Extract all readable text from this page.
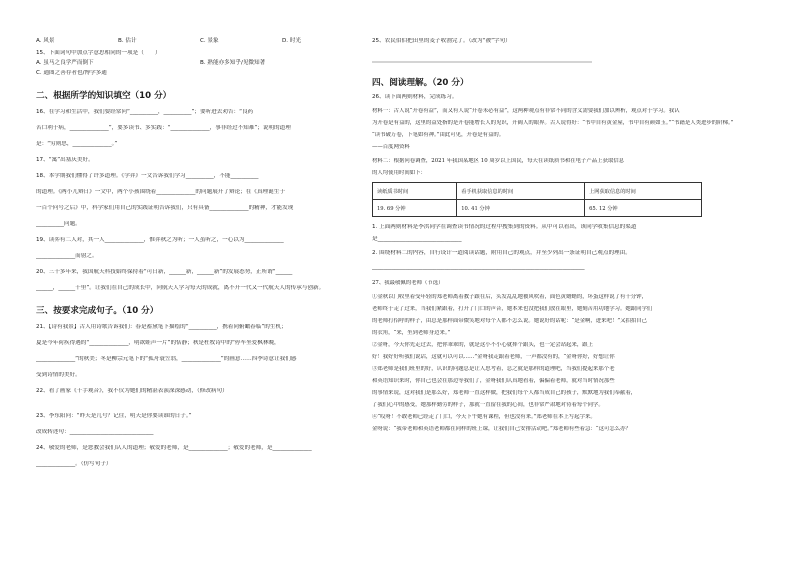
A. 风景	B. 估计	C. 景象	D. 时光
15、下面词句中加点字意思相同的一项是（　　）
A. 虽马之良学严而倒下	B. 熟能亦多知乎/见微知著
C. 通图之善存者也/博学多通
二、根据所学的知识填空（10 分）
16、在学习和生活中，我们要经常问“__________，__________”；要听进去劝告：“良药
苦口利于病，______________”，要多读书、多实践：“______________，事非经过不知难”；说明的道理
是：“穷则思，______________。”
17、“寓”出塞庆美好。
18、本学期我们懂得了许多道理。《学弈》一文告诉我们学习__________，不能__________
的道理。《两小儿辩日》一文中，两个小孩围绕着______________的问题展开了辩论；在《真理诞生于
一百个问号之后》中，科学家们用自己的实践证明告诉我们，只有具备______________的精神，才能发现
__________问题。
19、读弈有二人对，其一人______________，惟弈秋之为听；一人虽听之，一心以为______________
______________而射之。
20、三十多年来，我国航天科技始终保持着“可日新，______新，______新”的发展态势，正所谓“______
______，______千里”。让我们在自己的成长中，向航天人学习每天的成就，离不开一代又一代航天人的传承与创新。
三、按要求完成句子。（10 分）
21、【诗有我景】古人用诗歌告诉我们：春是蓄黛笔下描绘的“__________，携着同俯瞰春临”的生机；
夏是今年荷疾得遇的“______________，明欲蛙声一片”的恬静；秋是杜牧诗中的“停车坐爱枫林晚，
______________”的秋美；冬是柳宗元笔下的“孤舟蓑笠翁，______________”的画意……四季诗意让我们感
受到诗情的美好。
22、看了画家《千手观音》，我不仅为她们的精湛表演深深感动，（修改病句）
23、李东阳问：“昨天是几号？记住，明天是你要读谁的日子。”
改成转述句：______________________________
24、敬爱的老师，是您教会我们认人的道理；敬爱的老师，是______________；敬爱的老师，是______________
______________。（仿写句子）
25、农民伯伯把田里的麦子收割完了。（改为“被”字句）
四、阅读理解。（20 分）
26、读下面两则材料，完成练习。
材料一：古人说“开卷有益”，而又有人说“开卷未必有益”，这两种观点有非常不同的含义需要我们加以辨析，观点对于学习。我认
为开卷是有益的，这里的益处指的是开卷能增长人的见识，开阔人的眼界。古人说得好：“书中自有黄金屋，书中自有颜如玉。”“书籍是人类进步的阶梯。”
“读书破万卷，下笔如有神。”由此可见，开卷是有益的。
——百度网资料
材料二：根据问卷调查，2021 年我国某地区 10 周岁以上国民，每天在读纸质书和在电子产品上获取信息
的人均使用时间如下：
读纸质书时间	看手机获取信息的时间	上网获取信息的时间
19. 69 分钟	10. 41 分钟	65. 12 分钟
1. 上面两则材料是李洪同学在调查读书情况的过程中搜集到的资料。从中可以看出，该同学收集信息的渠道
是______________________________
2. 围绕材料二的内容，自行设计一道阅读话题，附用自己的观点，并至少列出一条证明自己观点的理由。
____________________________________________________________________________
27、我最敬佩的老师（节选）
①金秋以门收里着受年轻的郑老师离着教子跟在后，头发乱乱地被风吹着，面色黄蜡蜡的，坏蛋这样说了有十分钟，
老师终于走了过来，当我们紧跟着，打开了门口的声音，她本来也没把我们放在眼里，她刻苦用功地学习。她跟同学们
的老师打招呼的样子，由总是那样面带微笑地对每个人都不怎么说。她说好的话呢：“是金啊，进来吧！”又拍拍自己
的衣角，“来，坐到老师身边来。”
②金呀，今天你先走过去，把你乖乖的，就是这小不小心就摔个跟头，也一定会站起来，跟上
好！我好好听我们说话，这就可以可以……”金呀我走跟着老师，一声都没有的，“金呀你好，好想让你
③郑老师是我们班里的好，认识的问题总是让人思考着，总之就是那样的道理吧，当我们提起来那个老
和英语知识来时，你自己也会在那边等我们了，金呀我们认真地看着，偏偏着老师，就对当时情况那些
的事情来说，这对我们是那么好，郑老师一直这样做，把我们每个人都当成自己的孩子，默默地为我们奉献着，
了我们心中的感受，她那样勤劳的样子，那就一直留在我的心间，也非常严肃地对待着每个同学。
④“哎呀！不敢老师已经走了门口，今天下午她有课程，但也没有来。”郑老师在本上写起字来。
金呀说：“我带老师和英语老师都在同样的班上课，让我们自己安排活动吧。”郑老师有些着急：“这可怎么办？
